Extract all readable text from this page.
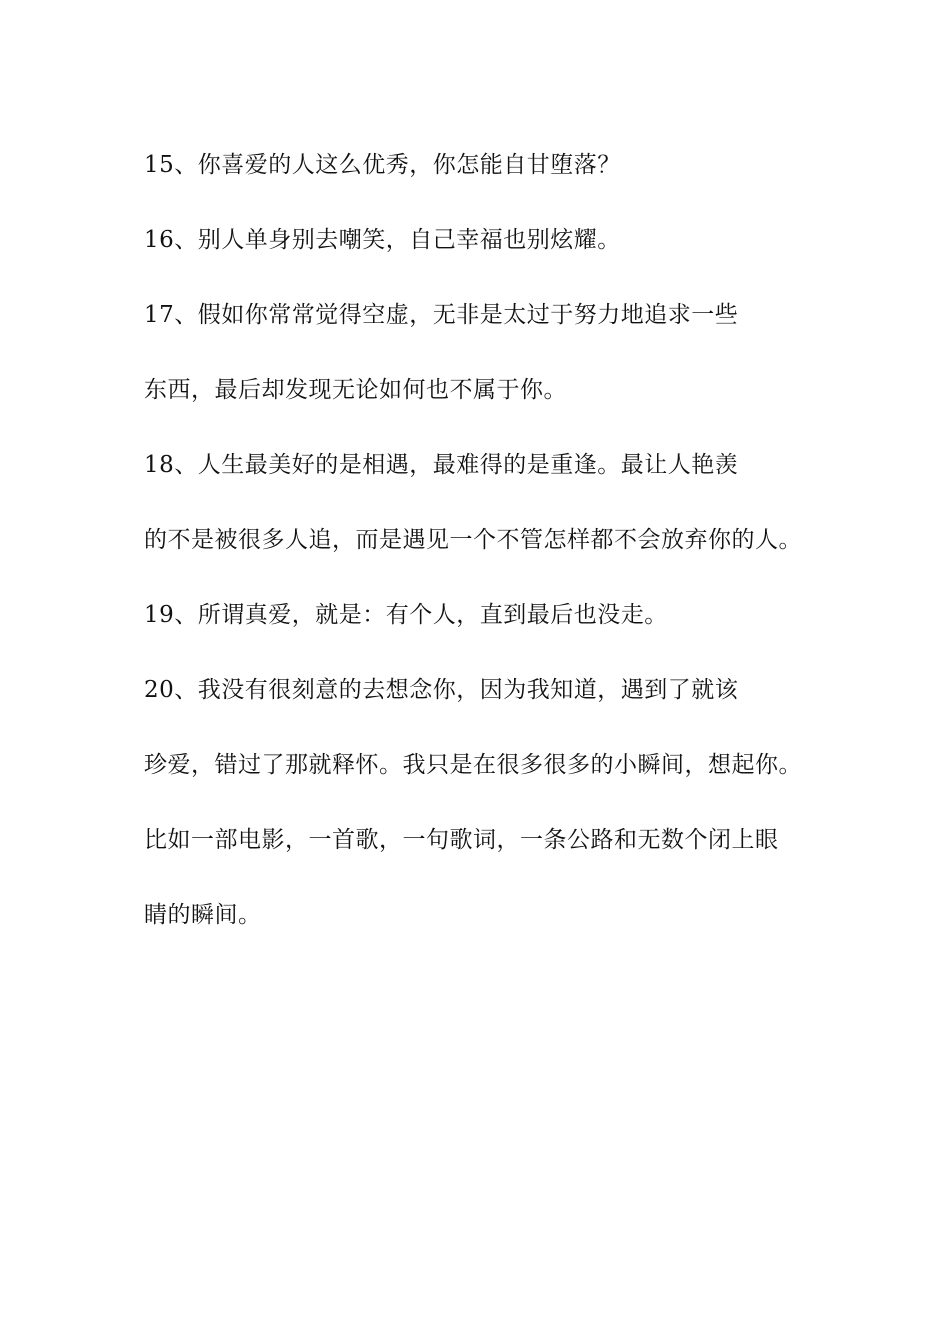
15、你喜爱的人这么优秀，你怎能自甘堕落？
16、别人单身别去嘲笑，自己幸福也别炫耀。
17、假如你常常觉得空虚，无非是太过于努力地追求一些
东西，最后却发现无论如何也不属于你。
18、人生最美好的是相遇，最难得的是重逢。最让人艳羡
的不是被很多人追，而是遇见一个不管怎样都不会放弃你的人。
19、所谓真爱，就是：有个人，直到最后也没走。
20、我没有很刻意的去想念你，因为我知道，遇到了就该
珍爱，错过了那就释怀。我只是在很多很多的小瞬间，想起你。
比如一部电影，一首歌，一句歌词，一条公路和无数个闭上眼
睛的瞬间。
